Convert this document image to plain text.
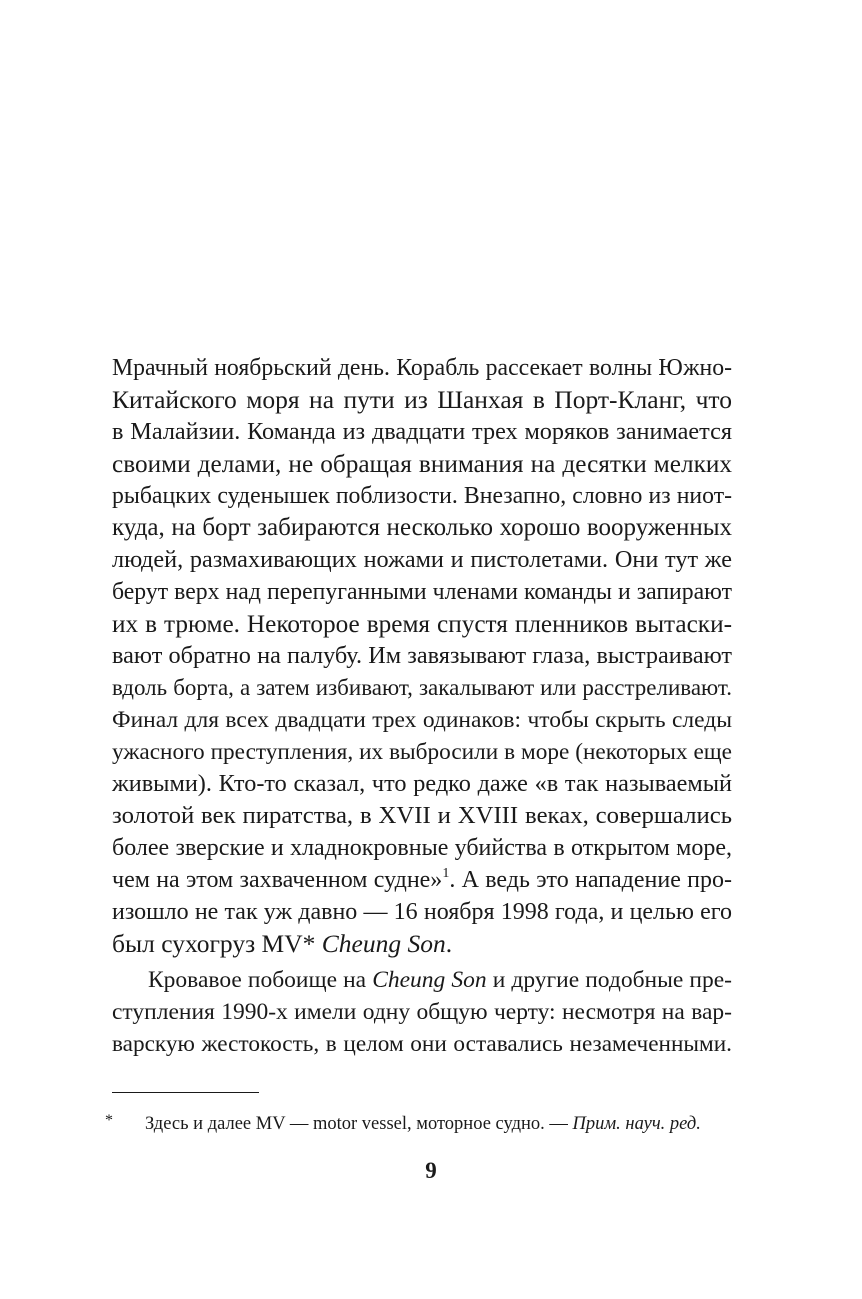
Мрачный ноябрьский день. Корабль рассекает волны Южно-
Китайского моря на пути из Шанхая в Порт-Кланг, что
в Малайзии. Команда из двадцати трех моряков занимается
своими делами, не обращая внимания на десятки мелких
рыбацких суденышек поблизости. Внезапно, словно из ниот-
куда, на борт забираются несколько хорошо вооруженных
людей, размахивающих ножами и пистолетами. Они тут же
берут верх над перепуганными членами команды и запирают
их в трюме. Некоторое время спустя пленников вытаски-
вают обратно на палубу. Им завязывают глаза, выстраивают
вдоль борта, а затем избивают, закалывают или расстреливают.
Финал для всех двадцати трех одинаков: чтобы скрыть следы
ужасного преступления, их выбросили в море (некоторых еще
живыми). Кто-то сказал, что редко даже «в так называемый
золотой век пиратства, в XVII и XVIII веках, совершались
более зверские и хладнокровные убийства в открытом море,
чем на этом захваченном судне»$^1$. А ведь это нападение про-
изошло не так уж давно — 16 ноября 1998 года, и целью его
был сухогруз MV* Cheung Son.
Кровавое побоище на Cheung Son и другие подобные пре-
ступления 1990-х имели одну общую черту: несмотря на вар-
варскую жестокость, в целом они оставались незамеченными.
* Здесь и далее MV — motor vessel, моторное судно. — Прим. науч. ред.
9
